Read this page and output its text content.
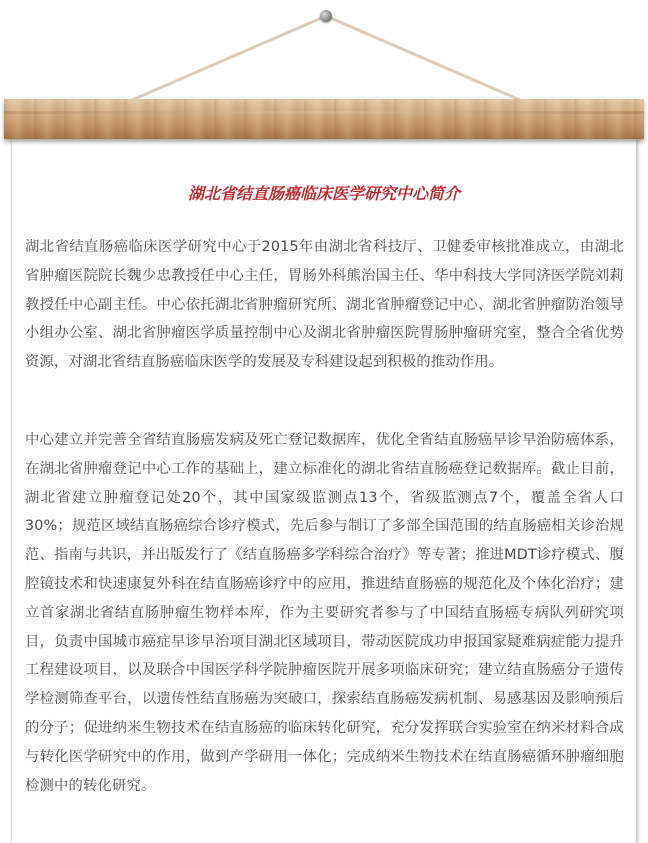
湖北省结直肠癌临床医学研究中心简介

湖北省结直肠癌临床医学研究中心于2015年由湖北省科技厅、卫健委审核批准成立，由湖北省肿瘤医院院长魏少忠教授任中心主任，胃肠外科熊治国主任、华中科技大学同济医学院刘莉教授任中心副主任。中心依托湖北省肿瘤研究所、湖北省肿瘤登记中心、湖北省肿瘤防治领导小组办公室、湖北省肿瘤医学质量控制中心及湖北省肿瘤医院胃肠肿瘤研究室，整合全省优势资源，对湖北省结直肠癌临床医学的发展及专科建设起到积极的推动作用。

中心建立并完善全省结直肠癌发病及死亡登记数据库，优化全省结直肠癌早诊早治防癌体系，在湖北省肿瘤登记中心工作的基础上，建立标准化的湖北省结直肠癌登记数据库。截止目前，湖北省建立肿瘤登记处20个，其中国家级监测点13个，省级监测点7个，覆盖全省人口 30%；规范区域结直肠癌综合诊疗模式，先后参与制订了多部全国范围的结直肠癌相关诊治规范、指南与共识，并出版发行了《结直肠癌多学科综合治疗》等专著；推进MDT诊疗模式、腹腔镜技术和快速康复外科在结直肠癌诊疗中的应用，推进结直肠癌的规范化及个体化治疗；建立首家湖北省结直肠肿瘤生物样本库，作为主要研究者参与了中国结直肠癌专病队列研究项目，负责中国城市癌症早诊早治项目湖北区域项目，带动医院成功申报国家疑难病症能力提升工程建设项目，以及联合中国医学科学院肿瘤医院开展多项临床研究；建立结直肠癌分子遗传学检测筛查平台，以遗传性结直肠癌为突破口，探索结直肠癌发病机制、易感基因及影响预后的分子；促进纳米生物技术在结直肠癌的临床转化研究，充分发挥联合实验室在纳米材料合成与转化医学研究中的作用，做到产学研用一体化；完成纳米生物技术在结直肠癌循环肿瘤细胞检测中的转化研究。
